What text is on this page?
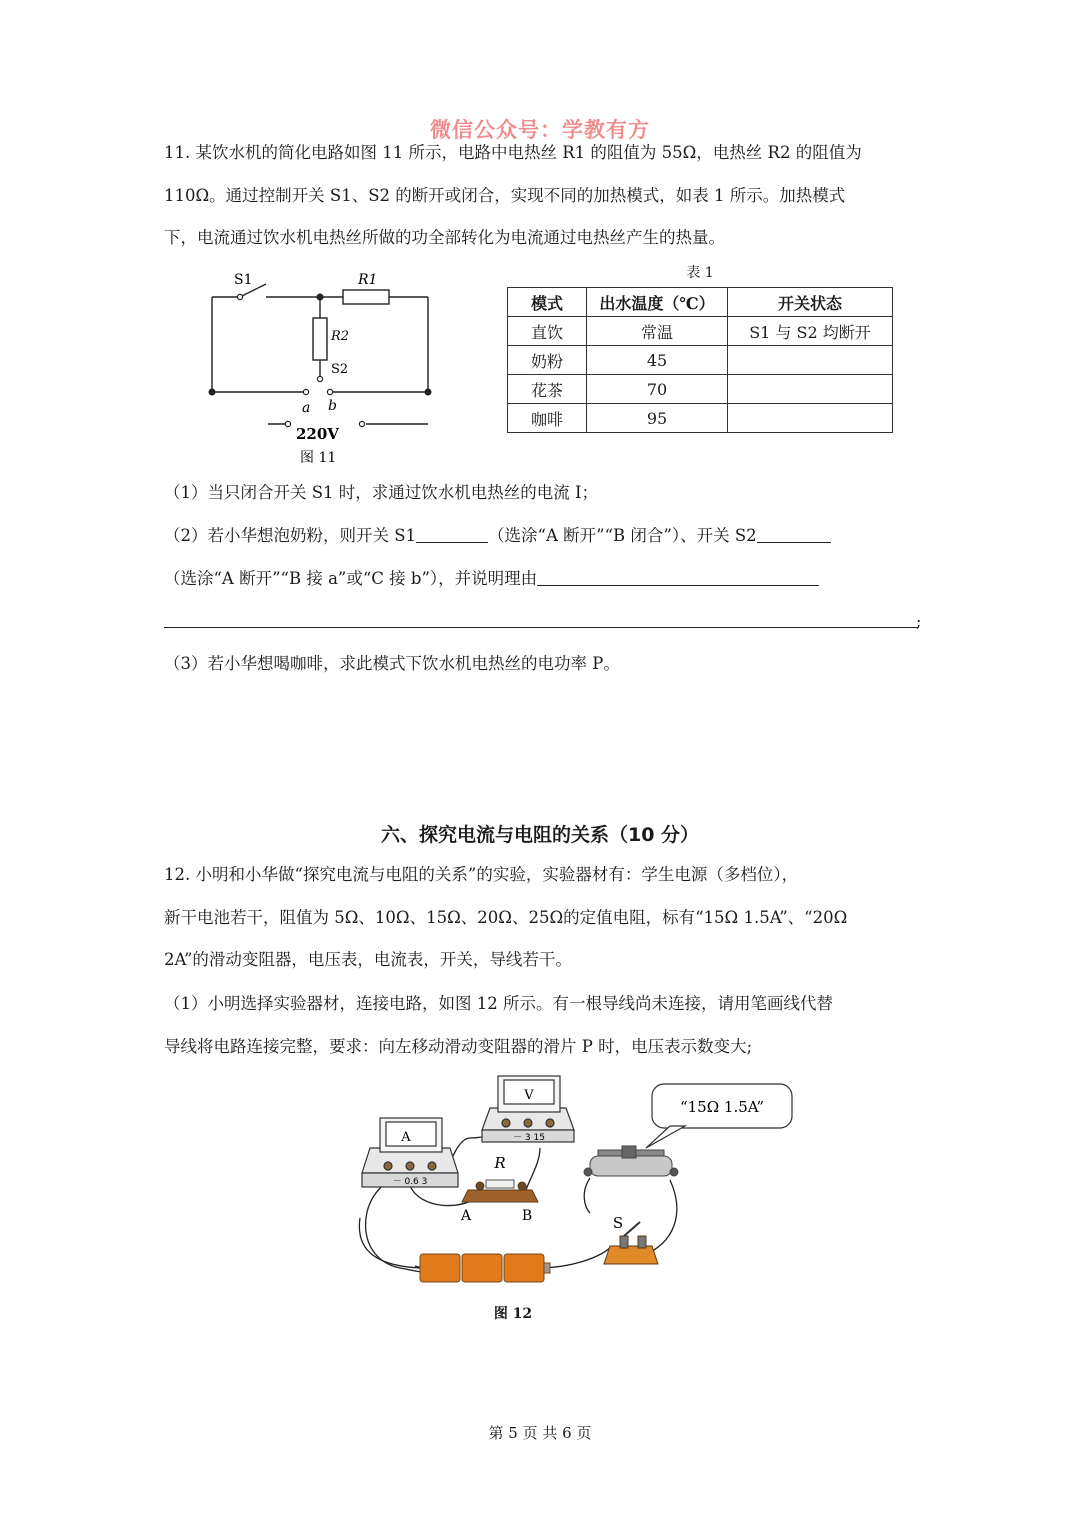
微信公众号：学教有方
11. 某饮水机的简化电路如图 11 所示，电路中电热丝 R1 的阻值为 55Ω，电热丝 R2 的阻值为
110Ω。通过控制开关 S1、S2 的断开或闭合，实现不同的加热模式，如表 1 所示。加热模式
下，电流通过饮水机电热丝所做的功全部转化为电流通过电热丝产生的热量。
S1	R1
R2
S2
a b
220V
图 11
表 1
模式	出水温度（℃）	开关状态
直饮	常温	S1 与 S2 均断开
奶粉	45	
花茶	70	
咖啡	95	
（1）当只闭合开关 S1 时，求通过饮水机电热丝的电流 I；
（2）若小华想泡奶粉，则开关 S1	（选涂“A 断开”“B 闭合”）、开关 S2
（选涂“A 断开”“B 接 a”或“C 接 b”），并说明理由
;
（3）若小华想喝咖啡，求此模式下饮水机电热丝的电功率 P。
六、探究电流与电阻的关系（10 分）
12. 小明和小华做“探究电流与电阻的关系”的实验，实验器材有：学生电源（多档位），
新干电池若干，阻值为 5Ω、10Ω、15Ω、20Ω、25Ω的定值电阻，标有“15Ω 1.5A”、“20Ω
2A”的滑动变阻器，电压表，电流表，开关，导线若干。
（1）小明选择实验器材，连接电路，如图 12 所示。有一根导线尚未连接，请用笔画线代替
导线将电路连接完整，要求：向左移动滑动变阻器的滑片 P 时，电压表示数变大;
A
－ 0.6 3
V
－ 3 15
R
A	B
“15Ω 1.5A”
S
图 12
第 5 页 共 6 页
